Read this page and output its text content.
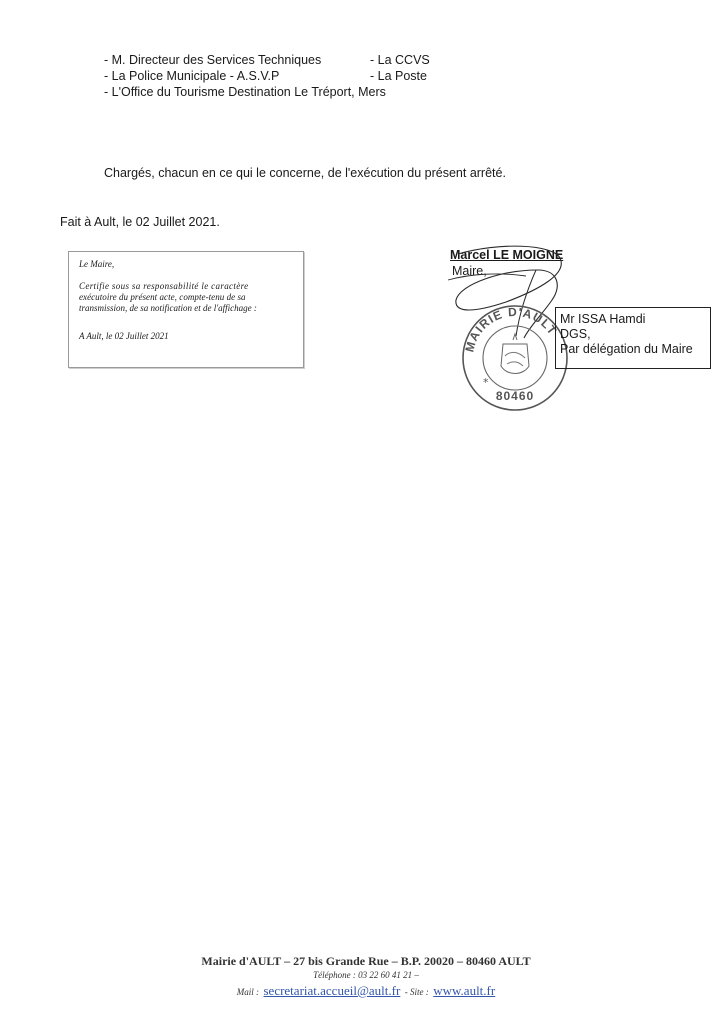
- M. Directeur des Services Techniques
- La Police Municipale - A.S.V.P
- L'Office du Tourisme Destination Le Tréport, Mers
- La CCVS
- La Poste
Chargés, chacun en ce qui le concerne, de l'exécution du présent arrêté.
Fait à Ault, le 02 Juillet 2021.
Le Maire,
Certifie sous sa responsabilité le caractère
exécutoire du présent acte, compte-tenu de sa
transmission, de sa notification et de l'affichage :
A Ault, le 02 Juillet 2021
Marcel LE MOIGNE
Maire,
MAIRIE D'AULT
80460
*
Mr ISSA Hamdi
DGS,
Par délégation du Maire
Mairie d'AULT – 27 bis Grande Rue – B.P. 20020 – 80460 AULT
Téléphone : 03 22 60 41 21 –
Mail : secretariat.accueil@ault.fr - Site : www.ault.fr
